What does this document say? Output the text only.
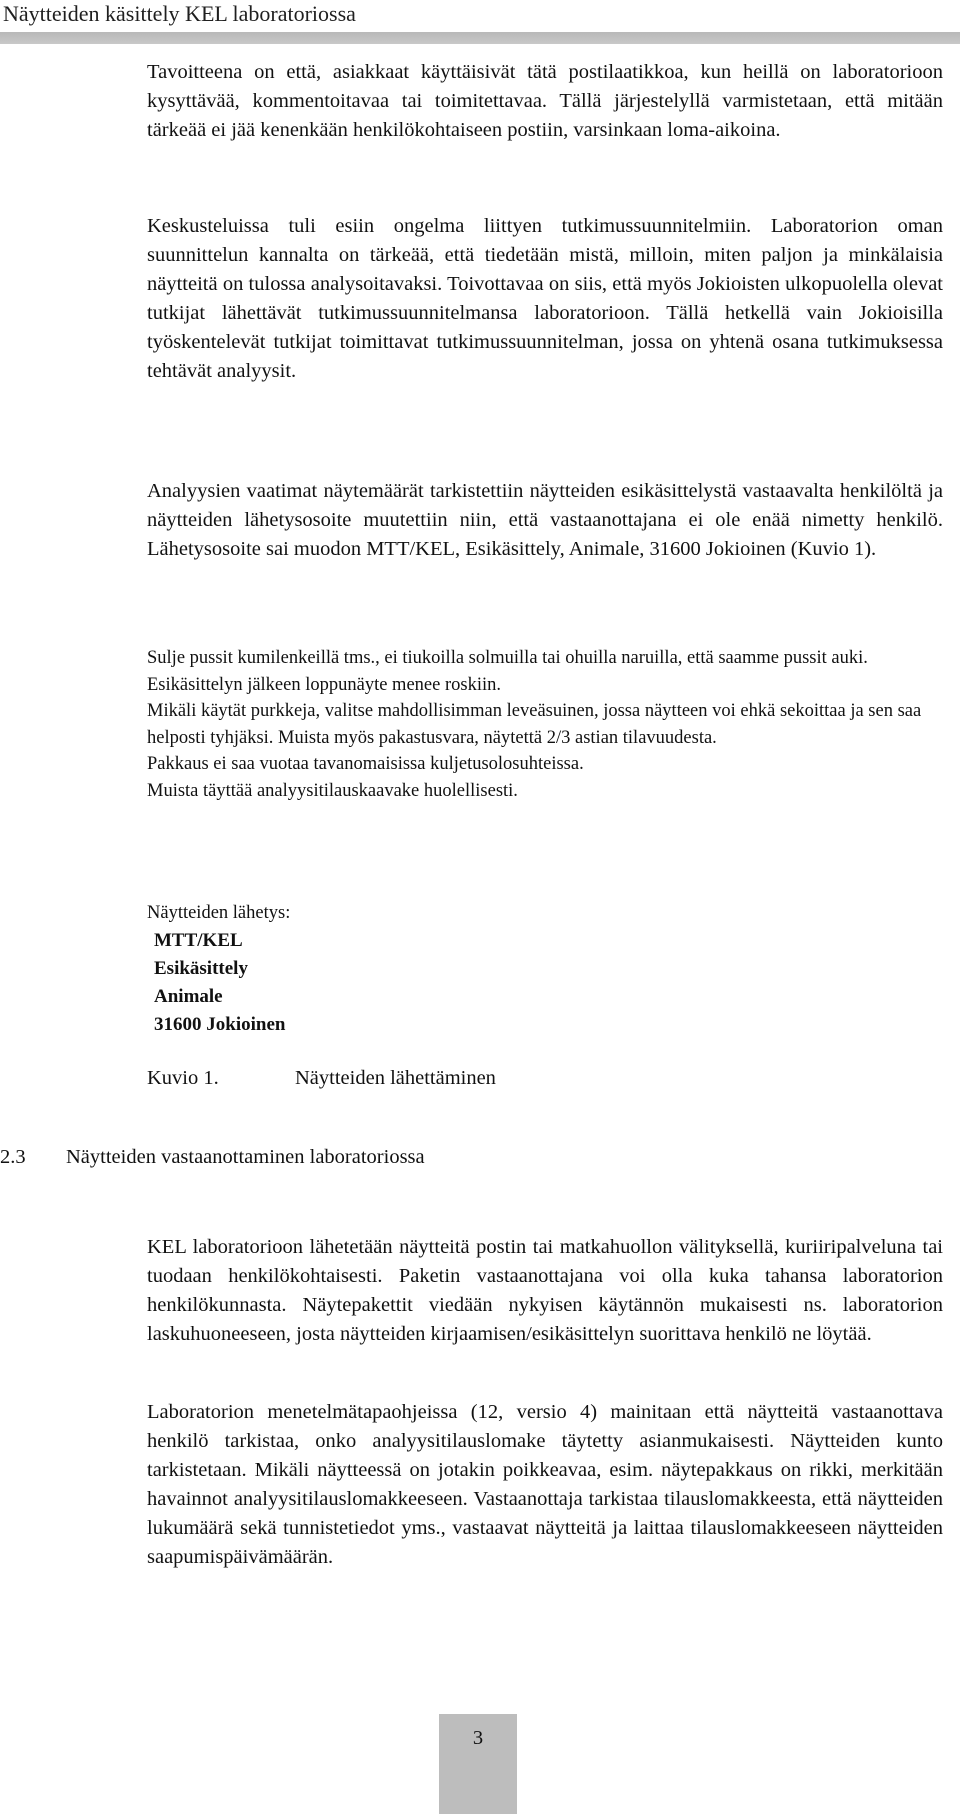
Näytteiden käsittely KEL laboratoriossa

Tavoitteena on että, asiakkaat käyttäisivät tätä postilaatikkoa, kun heillä on laboratorioon kysyttävää, kommentoitavaa tai toimitettavaa. Tällä järjestelyllä varmistetaan, että mitään tärkeää ei jää kenenkään henkilökohtaiseen postiin, varsinkaan loma-aikoina.

Keskusteluissa tuli esiin ongelma liittyen tutkimussuunnitelmiin. Laboratorion oman suunnittelun kannalta on tärkeää, että tiedetään mistä, milloin, miten paljon ja minkälaisia näytteitä on tulossa analysoitavaksi. Toivottavaa on siis, että myös Jokioisten ulkopuolella olevat tutkijat lähettävät tutkimussuunnitelmansa laboratorioon. Tällä hetkellä vain Jokioisilla työskentelevät tutkijat toimittavat tutkimussuunnitelman, jossa on yhtenä osana tutkimuksessa tehtävät analyysit.

Analyysien vaatimat näytemäärät tarkistettiin näytteiden esikäsittelystä vastaavalta henkilöltä ja näytteiden lähetysosoite muutettiin niin, että vastaanottajana ei ole enää nimetty henkilö. Lähetysosoite sai muodon MTT/KEL, Esikäsittely, Animale, 31600 Jokioinen (Kuvio 1).

Sulje pussit kumilenkeillä tms., ei tiukoilla solmuilla tai ohuilla naruilla, että saamme pussit auki.
Esikäsittelyn jälkeen loppunäyte menee roskiin.
Mikäli käytät purkkeja, valitse mahdollisimman leveäsuinen, jossa näytteen voi ehkä sekoittaa ja sen saa helposti tyhjäksi. Muista myös pakastusvara, näytettä 2/3 astian tilavuudesta.
Pakkaus ei saa vuotaa tavanomaisissa kuljetusolosuhteissa.
Muista täyttää analyysitilauskaavake huolellisesti.
Näytteiden lähetys:
MTT/KEL
Esikäsittely
Animale
31600 Jokioinen
Kuvio 1.	Näytteiden lähettäminen
2.3 Näytteiden vastaanottaminen laboratoriossa

KEL laboratorioon lähetetään näytteitä postin tai matkahuollon välityksellä, kuriiripalveluna tai tuodaan henkilökohtaisesti. Paketin vastaanottajana voi olla kuka tahansa laboratorion henkilökunnasta. Näytepakettit viedään nykyisen käytännön mukaisesti ns. laboratorion laskuhuoneeseen, josta näytteiden kirjaamisen/esikäsittelyn suorittava henkilö ne löytää.

Laboratorion menetelmätapaohjeissa (12, versio 4) mainitaan että näytteitä vastaanottava henkilö tarkistaa, onko analyysitilauslomake täytetty asianmukaisesti. Näytteiden kunto tarkistetaan. Mikäli näytteessä on jotakin poikkeavaa, esim. näytepakkaus on rikki, merkitään havainnot analyysitilauslomakkeeseen. Vastaanottaja tarkistaa tilauslomakkeesta, että näytteiden lukumäärä sekä tunnistetiedot yms., vastaavat näytteitä ja laittaa tilauslomakkeeseen näytteiden saapumispäivämäärän.

3
